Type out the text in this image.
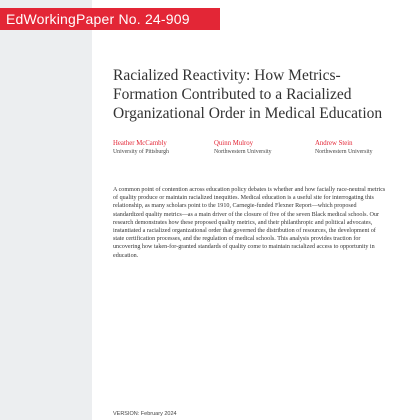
EdWorkingPaper No. 24-909
Racialized Reactivity: How Metrics-Formation Contributed to a Racialized Organizational Order in Medical Education
Heather McCambly
University of Pittsburgh
Quinn Mulroy
Northwestern University
Andrew Stein
Northwestern University
A common point of contention across education policy debates is whether and how facially race-neutral metrics of quality produce or maintain racialized inequities. Medical education is a useful site for interrogating this relationship, as many scholars point to the 1910, Carnegie-funded Flexner Report—which proposed standardized quality metrics—as a main driver of the closure of five of the seven Black medical schools. Our research demonstrates how these proposed quality metrics, and their philanthropic and political advocates, instantiated a racialized organizational order that governed the distribution of resources, the development of state certification processes, and the regulation of medical schools. This analysis provides traction for uncovering how taken-for-granted standards of quality come to maintain racialized access to opportunity in education.
VERSION: February 2024
